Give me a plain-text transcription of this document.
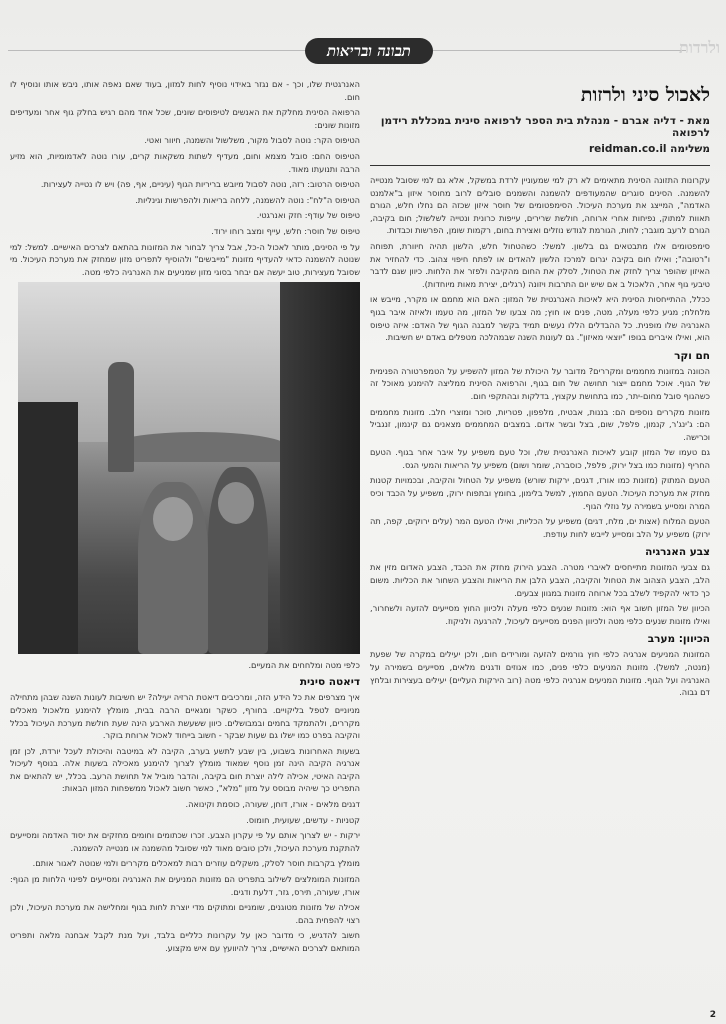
תבונה ובריאות	ולרדות
לאכול סיני ולרזות
מאת - דליה אברם - מנהלת בית הספר לרפואה סינית במכללת רידמן לרפואה
משלימה reidman.co.il

עקרונות התזונה הסינית מתאימים לא רק למי שמעוניין לרדת במשקל, אלא גם למי שסובל מנטייה להשמנה. הסינים סוגרים שהמעודפים להשמנה והשמנים סובלים לרוב מחוסר איזון ב"אלמנט האדמה", המייצג את מערכת העיכול. הסימפטומים של חוסר איזון שכזה הם נחלו חלש, הגורם תאוות למתוק, נפיחות אחרי ארוחה, חולשת שרירים, עייפות כרונית ונטייה לשלשול; חום בקיבה, הגורם לרעב מוגבר; לחות, הגורמת לגודש נוזלים ואצירת בחום, רקמות שומן, הפרשות וכבדות.

סימפטומים אלו מתבטאים גם בלשון. למשל: כשהטחול חלש, הלשון תהיה חיוורת, תפוחה ו"רטובה"; ואילו חום בקיבה יגרום למרכז הלשון להאדים או לפתח חיפוי צהוב. כדי להחזיר את האיזון שהופר צריך לחזק את הטחול, לסלק את החום מהקיבה ולפזר את הלחות. כיוון שגם לדבר טיבעי גוף אחר, הלאכול ב אם שיש יום התרבות ויזונה (רגלים, יצירת מאות מיוחדות).

ככלל, ההתייחסות הסינית היא לאיכות האנרגטית של המזון: האם הוא מחמם או מקרר, מייבש או מלחלח; מגיע כלפי מעלה, מטה, פנים או חוץ; מה צבעו של המזון, מה טעמו ולאיזה איבר בגוף האנרגיה שלו מופנית. כל ההבדלים הללו נעשים תמיד בקשר למבנה הגוף של האדם: איזה טיפוס הוא, ואילו איברים בגופו "יוצאי מאיזון". גם לעונות השנה שבמהלכה מטפלים באדם יש חשיבות.

חם וקר

הכוונה במזונות מחממים ומקררים? מדובר על היכולת של המזון להשפיע על הטמפרטורה הפנימית של הגוף. אוכל מחמם ייצור תחושה של חום בגוף, והרפואה הסינית ממליצה להימנע מאוכל זה כשהגוף סובל מחום-יתר, כמו בתחושת עקצוץ, בדלקות ובהתקפי חום.

מזונות מקררים נוספים הם: בננות, אבטיח, מלפפון, פטריות, סוכר ומוצרי חלב. מזונות מחממים הם: ג'ינג'ר, קנמון, פלפל, שום, בצל ובשר אדום. במצבים המחממים מצאנים גם קינמון, זנגביל וכרישה.

גם טעמו של המזון קובע לאיכות האנרגטית שלו, וכל טעם משפיע על איבר אחר בגוף. הטעם החריף (מזונות כמו בצל ירוק, פלפל, כוסברה, שומר ושום) משפיע על הריאות והמעי הגס.

הטעם המתוק (מזונות כמו אורז, דגנים, ירקות שורש) משפיע על הטחול והקיבה, ובכמויות קטנות מחזק את מערכת העיכול. הטעם החמוץ, למשל בלימון, בחומץ ובתפוח ירוק, משפיע על הכבד וכיס המרה ומסייע בשמירה על נוזלי הגוף.

הטעם המלוח (אצות ים, מלח, דגים) משפיע על הכליות, ואילו הטעם המר (עלים ירוקים, קפה, תה ירוק) משפיע על הלב ומסייע לייבש לחות עודפת.

צבע האנרגיה

גם צבעי המזונות מתייחסים לאיברי מטרה. הצבע הירוק מחזק את הכבד, הצבע האדום מזין את הלב, הצבע הצהוב את הטחול והקיבה, הצבע הלבן את הריאות והצבע השחור את הכליות. משום כך כדאי להקפיד לשלב בכל ארוחה מזונות במגוון צבעים.

הכיוון של המזון חשוב אף הוא: מזונות שנעים כלפי מעלה ולכיוון החוץ מסייעים להזעה ולשחרור, ואילו מזונות שנעים כלפי מטה ולכיוון הפנים מסייעים לעיכול, להרגעה ולניקוז.

הכיוון: מערב

המזונות המניעים אנרגיה כלפי חוץ גורמים להזעה ומורידים חום, ולכן יעילים במקרה של שפעת (מנטה, למשל). מזונות המניעים כלפי פנים, כמו אגוזים ודגנים מלאים, מסייעים בשמירה על האנרגיה ועל הגוף. מזונות המניעים אנרגיה כלפי מטה (רוב הירקות העליים) יעילים בעצירות ובלחץ דם גבוה.

האנרגטית שלו, וכך - אם נגזר באידוי נוסיף לחות למזון, בעוד שאם נאפה אותו, ניבש אותו ונוסיף לו חום.

הרפואה הסינית מחלקת את האנשים לטיפוסים שונים, שכל אחד מהם רגיש בחלק גוף אחר ומעדיפים מזונות שונים:

הטיפוס הקר: נוטה לסבול מקור, משלשול והשמנה, חיוור ואטי.

הטיפוס החם: סובל מצמא וחום, מעדיף לשתות משקאות קרים, עורו נוטה לאדמומיות, הוא מזיע הרבה ותנועתו מאוד.

הטיפוס הרטוב: רזה, נוטה לסבול מיובש בריריות הגוף (עיניים, אף, פה) ויש לו נטייה לעצירות.

הטיפוס ה"לח": נוטה להשמנה, ללחה בריאות ולהפרשות וגינליות.

טיפוס של עודף: חזק ואנרגטי.

טיפוס של חוסר: חלש, עייף ומצב רוחו ירוד.

על פי הסינים, מותר לאכול ה-כל, אבל צריך לבחור את המזונות בהתאם לצרכים האישיים. למשל: למי שנוטה להשמנה כדאי להעדיף מזונות "מייבשים" ולהוסיף לתפריט מזון שמחזק את מערכת העיכול. מי שסובל מעצירות, טוב יעשה אם יבחר בסוגי מזון שמניעים את האנרגיה כלפי מטה.

כלפי מטה ומלחחים את המעיים.

דיאטה סינית

איך מצרפים את כל הידע הזה, ומרכיבים דיאטת הרזיה יעילה? יש חשיבות לעונות השנה שבהן מתחילה מניוניים לטפל בליקויים. בחורף, כשקר ומגאיים הרבה בבית, מומלץ להימנע מלאכול מאכלים מקררים, ולהתמקד בחמים ובמבושלים. כיוון ששעשת הארבע הינה שעת חולשת מערכת העיכול בכלל והקיבה בפרט כמו ישלו גם שעות שבקר - חשוב בייחוד לאכול ארוחת בוקר.

בשעות האחרונות בשבוע, בין שבע לתשע בערב, הקיבה לא במיטבה והיכולת לעכל יורדת, לכן זמן אנרגיה הקיבה הינה זמן נוסף שמאוד מומלץ לצרוך להימנע מאכילה בשעות אלה. בנוסף לעיכול הקיבה האיטי, אכילה לילה יוצרת חום בקיבה, והדבר מוביל אל תחושת הרעב. בכלל, יש להתאים את התפריט כך שיהיה מבוסס על מזון "מלא", כאשר חשוב לאכול ממשפחות המזון הבאות:

דגנים מלאים - אורז, דוחן, שעורה, כוסמת וקינואה.

קטניות - עדשים, שעועית, חומוס.

ירקות - יש לצרוך אותם על פי עקרון הצבע. זכרו שכתומים וחומים מחזקים את יסוד האדמה ומסייעים להתקנת מערכת העיכול, ולכן טובים מאוד למי שסובל מהשמנה או מנטייה להשמנה.

מומלץ בקרבות חוסר לסלק, משקלים עוזרים רבות למאכלים מקררים ולמי שנוטה לאגור אותם.

המזונות המומלצים לשילוב בתפריט הם מזונות המניעים את האנרגיה ומסייעים לפינוי הלחות מן הגוף: אורז, שעורה, תירס, גזר, דלעת ודגים.

אכילה של מזונות מטוגנים, שומניים ומתוקים מדי יוצרת לחות בגוף ומחלישה את מערכת העיכול, ולכן רצוי להפחית בהם.

חשוב להדגיש, כי מדובר כאן על עקרונות כלליים בלבד, ועל מנת לקבל אבחנה מלאה ותפריט המותאם לצרכים האישיים, צריך להיוועץ עם איש מקצוע.

2
